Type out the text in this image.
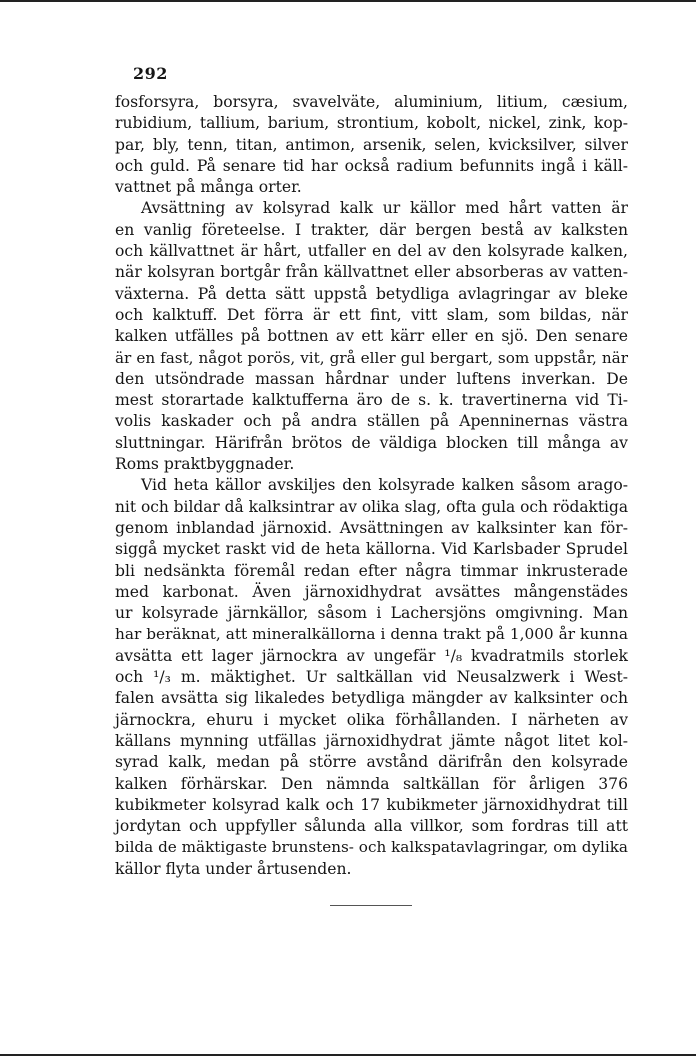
292
fosforsyra, borsyra, svavelväte, aluminium, litium, cæsium,
rubidium, tallium, barium, strontium, kobolt, nickel, zink, kop-
par, bly, tenn, titan, antimon, arsenik, selen, kvicksilver, silver
och guld. På senare tid har också radium befunnits ingå i käll-
vattnet på många orter.
Avsättning av kolsyrad kalk ur källor med hårt vatten är
en vanlig företeelse. I trakter, där bergen bestå av kalksten
och källvattnet är hårt, utfaller en del av den kolsyrade kalken,
när kolsyran bortgår från källvattnet eller absorberas av vatten-
växterna. På detta sätt uppstå betydliga avlagringar av bleke
och kalktuff. Det förra är ett fint, vitt slam, som bildas, när
kalken utfälles på bottnen av ett kärr eller en sjö. Den senare
är en fast, något porös, vit, grå eller gul bergart, som uppstår, när
den utsöndrade massan hårdnar under luftens inverkan. De
mest storartade kalktufferna äro de s. k. travertinerna vid Ti-
volis kaskader och på andra ställen på Apenninernas västra
sluttningar. Härifrån brötos de väldiga blocken till många av
Roms praktbyggnader.
Vid heta källor avskiljes den kolsyrade kalken såsom arago-
nit och bildar då kalksintrar av olika slag, ofta gula och rödaktiga
genom inblandad järnoxid. Avsättningen av kalksinter kan för-
siggå mycket raskt vid de heta källorna. Vid Karlsbader Sprudel
bli nedsänkta föremål redan efter några timmar inkrusterade
med karbonat. Även järnoxidhydrat avsättes mångenstädes
ur kolsyrade järnkällor, såsom i Lachersjöns omgivning. Man
har beräknat, att mineralkällorna i denna trakt på 1,000 år kunna
avsätta ett lager järnockra av ungefär ¹/₈ kvadratmils storlek
och ¹/₃ m. mäktighet. Ur saltkällan vid Neusalzwerk i West-
falen avsätta sig likaledes betydliga mängder av kalksinter och
järnockra, ehuru i mycket olika förhållanden. I närheten av
källans mynning utfällas järnoxidhydrat jämte något litet kol-
syrad kalk, medan på större avstånd därifrån den kolsyrade
kalken förhärskar. Den nämnda saltkällan för årligen 376
kubikmeter kolsyrad kalk och 17 kubikmeter järnoxidhydrat till
jordytan och uppfyller sålunda alla villkor, som fordras till att
bilda de mäktigaste brunstens- och kalkspatavlagringar, om dylika
källor flyta under årtusenden.
